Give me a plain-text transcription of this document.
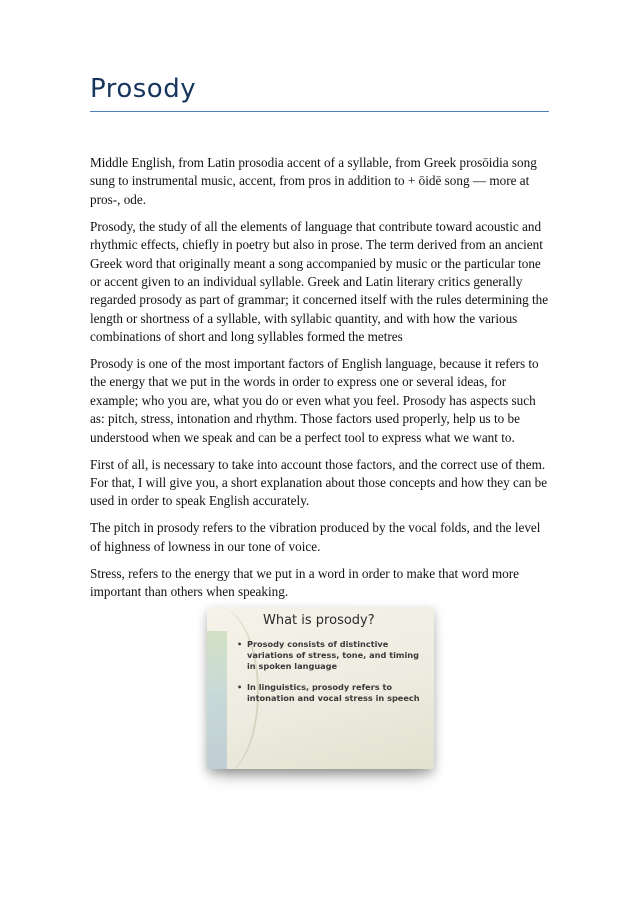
Prosody

Middle English, from Latin prosodia accent of a syllable, from Greek prosōidia song sung to instrumental music, accent, from pros in addition to + ōidē song — more at pros-, ode.

Prosody, the study of all the elements of language that contribute toward acoustic and rhythmic effects, chiefly in poetry but also in prose. The term derived from an ancient Greek word that originally meant a song accompanied by music or the particular tone or accent given to an individual syllable. Greek and Latin literary critics generally regarded prosody as part of grammar; it concerned itself with the rules determining the length or shortness of a syllable, with syllabic quantity, and with how the various combinations of short and long syllables formed the metres

Prosody is one of the most important factors of English language, because it refers to the energy that we put in the words in order to express one or several ideas, for example; who you are, what you do or even what you feel. Prosody has aspects such as: pitch, stress, intonation and rhythm. Those factors used properly, help us to be understood when we speak and can be a perfect tool to express what we want to.

First of all, is necessary to take into account those factors, and the correct use of them. For that, I will give you, a short explanation about those concepts and how they can be used in order to speak English accurately.

The pitch in prosody refers to the vibration produced by the vocal folds, and the level of highness of lowness in our tone of voice.

Stress, refers to the energy that we put in a word in order to make that word more important than others when speaking.

What is prosody?
• Prosody consists of distinctive variations of stress, tone, and timing in spoken language
• In linguistics, prosody refers to intonation and vocal stress in speech
